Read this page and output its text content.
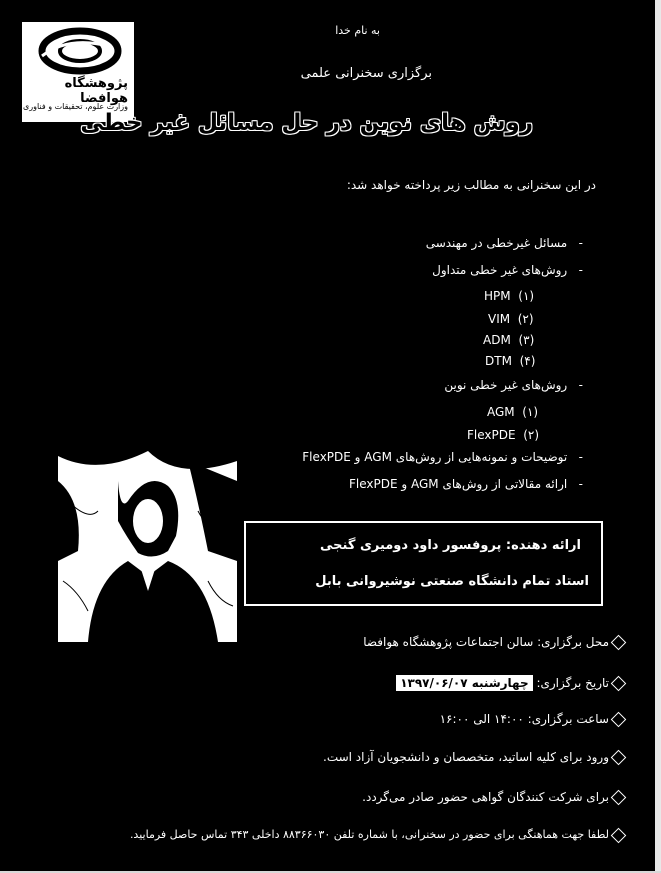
پژوهشگاه هوافضا
وزارت علوم، تحقیقات و فناوری
به نام خدا
برگزاری سخنرانی علمی
روش های نوین در حل مسائل غیر خطی
در این سخنرانی به مطالب زیر پرداخته خواهد شد:
-   مسائل غیرخطی در مهندسی
-   روش‌های غیر خطی متداول
HPM (۱)
VIM (۲)
ADM (۳)
DTM (۴)
-   روش‌های غیر خطی نوین
AGM (۱)
FlexPDE (۲)
-   توضیحات و نمونه‌هایی از روش‌های AGM و FlexPDE
-   ارائه مقالاتی از روش‌های AGM و FlexPDE
ارائه دهنده: پروفسور داود دومیری گنجی
استاد تمام دانشگاه صنعتی نوشیروانی بابل
محل برگزاری: سالن اجتماعات پژوهشگاه هوافضا
تاریخ برگزاری: چهارشنبه ۱۳۹۷/۰۶/۰۷
ساعت برگزاری: ۱۴:۰۰ الی ۱۶:۰۰
ورود برای کلیه اساتید، متخصصان و دانشجویان آزاد است.
برای شرکت کنندگان گواهی حضور صادر می‌گردد.
لطفا جهت هماهنگی برای حضور در سخنرانی، با شماره تلفن ۸۸۳۶۶۰۳۰ داخلی ۳۴۳ تماس حاصل فرمایید.
